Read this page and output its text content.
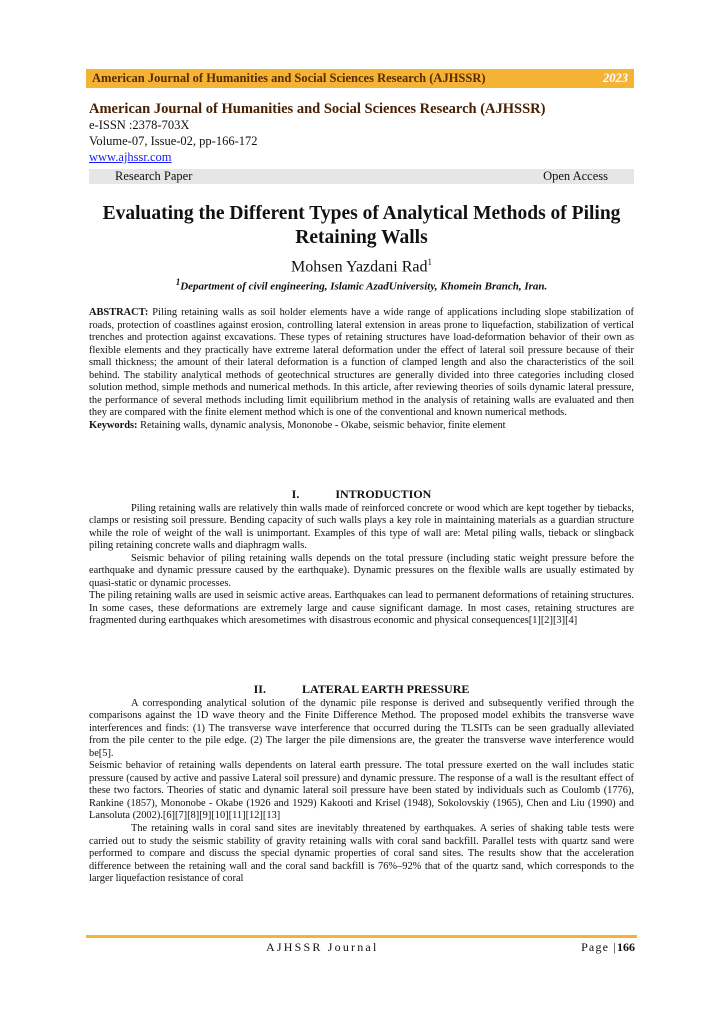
American Journal of Humanities and Social Sciences Research (AJHSSR)	2023
American Journal of Humanities and Social Sciences Research (AJHSSR)
e-ISSN :2378-703X
Volume-07, Issue-02, pp-166-172
www.ajhssr.com
Research Paper	Open Access
Evaluating the Different Types of Analytical Methods of Piling Retaining Walls
Mohsen Yazdani Rad$^1$
$^1$Department of civil engineering, Islamic AzadUniversity, Khomein Branch, Iran.

ABSTRACT: Piling retaining walls as soil holder elements have a wide range of applications including slope stabilization of roads, protection of coastlines against erosion, controlling lateral extension in areas prone to liquefaction, stabilization of vertical trenches and protection against excavations. These types of retaining structures have load-deformation behavior of their own as flexible elements and they practically have extreme lateral deformation under the effect of lateral soil pressure because of their small thickness; the amount of their lateral deformation is a function of clamped length and also the characteristics of the soil behind. The stability analytical methods of geotechnical structures are generally divided into three categories including closed solution method, simple methods and numerical methods. In this article, after reviewing theories of soils dynamic lateral pressure, the performance of several methods including limit equilibrium method in the analysis of retaining walls are evaluated and then they are compared with the finite element method which is one of the conventional and known numerical methods.

Keywords: Retaining walls, dynamic analysis, Mononobe - Okabe, seismic behavior, finite element

I.	INTRODUCTION

Piling retaining walls are relatively thin walls made of reinforced concrete or wood which are kept together by tiebacks, clamps or resisting soil pressure. Bending capacity of such walls plays a key role in maintaining materials as a guardian structure while the role of weight of the wall is unimportant. Examples of this type of wall are: Metal piling walls, tieback or slingback piling retaining concrete walls and diaphragm walls.

Seismic behavior of piling retaining walls depends on the total pressure (including static weight pressure before the earthquake and dynamic pressure caused by the earthquake). Dynamic pressures on the flexible walls are usually estimated by quasi-static or dynamic processes.

The piling retaining walls are used in seismic active areas. Earthquakes can lead to permanent deformations of retaining structures. In some cases, these deformations are extremely large and cause significant damage. In most cases, retaining structures are fragmented during earthquakes which aresometimes with disastrous economic and physical consequences[1][2][3][4]

II.	LATERAL EARTH PRESSURE

A corresponding analytical solution of the dynamic pile response is derived and subsequently verified through the comparisons against the 1D wave theory and the Finite Difference Method. The proposed model exhibits the transverse wave interferences and finds: (1) The transverse wave interference that occurred during the TLSITs can be seen gradually alleviated from the pile center to the pile edge. (2) The larger the pile dimensions are, the greater the transverse wave interference would be[5].

Seismic behavior of retaining walls dependents on lateral earth pressure. The total pressure exerted on the wall includes static pressure (caused by active and passive Lateral soil pressure) and dynamic pressure. The response of a wall is the resultant effect of these two factors. Theories of static and dynamic lateral soil pressure have been stated by individuals such as Coulomb (1776), Rankine (1857), Mononobe - Okabe (1926 and 1929) Kakooti and Krisel (1948), Sokolovskiy (1965), Chen and Liu (1990) and Lansoluta (2002).[6][7][8][9][10][11][12][13]

The retaining walls in coral sand sites are inevitably threatened by earthquakes. A series of shaking table tests were carried out to study the seismic stability of gravity retaining walls with coral sand backfill. Parallel tests with quartz sand were performed to compare and discuss the special dynamic properties of coral sand sites. The results show that the acceleration difference between the retaining wall and the coral sand backfill is 76%–92% that of the quartz sand, which corresponds to the larger liquefaction resistance of coral

AJHSSR Journal	Page |166
